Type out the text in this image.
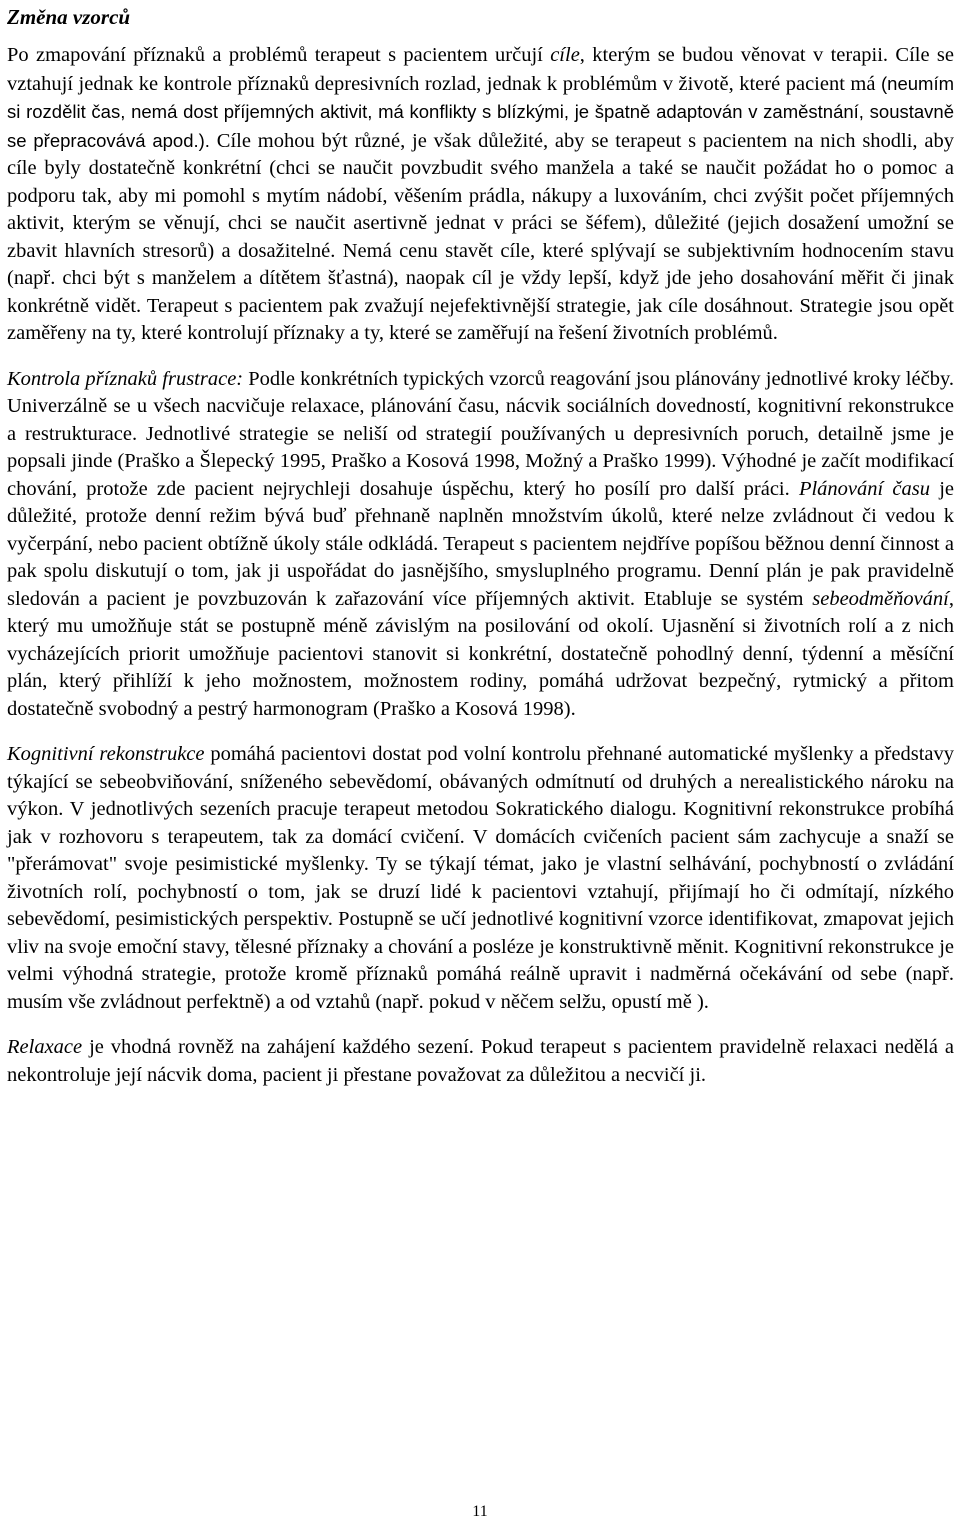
Změna vzorců

Po zmapování příznaků a problémů terapeut s pacientem určují cíle, kterým se budou věnovat v terapii. Cíle se vztahují jednak ke kontrole příznaků depresivních rozlad, jednak k problémům v životě, které pacient má (neumím si rozdělit čas, nemá dost příjemných aktivit, má konflikty s blízkými, je špatně adaptován v zaměstnání, soustavně se přepracovává apod.). Cíle mohou být různé, je však důležité, aby se terapeut s pacientem na nich shodli, aby cíle byly dostatečně konkrétní (chci se naučit povzbudit svého manžela a také se naučit požádat ho o pomoc a podporu tak, aby mi pomohl s mytím nádobí, věšením prádla, nákupy a luxováním, chci zvýšit počet příjemných aktivit, kterým se věnují, chci se naučit asertivně jednat v práci se šéfem), důležité (jejich dosažení umožní se zbavit hlavních stresorů) a dosažitelné. Nemá cenu stavět cíle, které splývají se subjektivním hodnocením stavu (např. chci být s manželem a dítětem šťastná), naopak cíl je vždy lepší, když jde jeho dosahování měřit či jinak konkrétně vidět. Terapeut s pacientem pak zvažují nejefektivnější strategie, jak cíle dosáhnout. Strategie jsou opět zaměřeny na ty, které kontrolují příznaky a ty, které se zaměřují na řešení životních problémů.

Kontrola příznaků frustrace: Podle konkrétních typických vzorců reagování jsou plánovány jednotlivé kroky léčby. Univerzálně se u všech nacvičuje relaxace, plánování času, nácvik sociálních dovedností, kognitivní rekonstrukce a restrukturace. Jednotlivé strategie se neliší od strategií používaných u depresivních poruch, detailně jsme je popsali jinde (Praško a Šlepecký 1995, Praško a Kosová 1998, Možný a Praško 1999). Výhodné je začít modifikací chování, protože zde pacient nejrychleji dosahuje úspěchu, který ho posílí pro další práci. Plánování času je důležité, protože denní režim bývá buď přehnaně naplněn množstvím úkolů, které nelze zvládnout či vedou k vyčerpání, nebo pacient obtížně úkoly stále odkládá. Terapeut s pacientem nejdříve popíšou běžnou denní činnost a pak spolu diskutují o tom, jak ji uspořádat do jasnějšího, smysluplného programu. Denní plán je pak pravidelně sledován a pacient je povzbuzován k zařazování více příjemných aktivit. Etabluje se systém sebeodměňování, který mu umožňuje stát se postupně méně závislým na posilování od okolí. Ujasnění si životních rolí a z nich vycházejících priorit umožňuje pacientovi stanovit si konkrétní, dostatečně pohodlný denní, týdenní a měsíční plán, který přihlíží k jeho možnostem, možnostem rodiny, pomáhá udržovat bezpečný, rytmický a přitom dostatečně svobodný a pestrý harmonogram (Praško a Kosová 1998).

Kognitivní rekonstrukce pomáhá pacientovi dostat pod volní kontrolu přehnané automatické myšlenky a představy týkající se sebeobviňování, sníženého sebevědomí, obávaných odmítnutí od druhých a nerealistického nároku na výkon. V jednotlivých sezeních pracuje terapeut metodou Sokratického dialogu. Kognitivní rekonstrukce probíhá jak v rozhovoru s terapeutem, tak za domácí cvičení. V domácích cvičeních pacient sám zachycuje a snaží se "přerámovat" svoje pesimistické myšlenky. Ty se týkají témat, jako je vlastní selhávání, pochybností o zvládání životních rolí, pochybností o tom, jak se druzí lidé k pacientovi vztahují, přijímají ho či odmítají, nízkého sebevědomí, pesimistických perspektiv. Postupně se učí jednotlivé kognitivní vzorce identifikovat, zmapovat jejich vliv na svoje emoční stavy, tělesné příznaky a chování a posléze je konstruktivně měnit. Kognitivní rekonstrukce je velmi výhodná strategie, protože kromě příznaků pomáhá reálně upravit i nadměrná očekávání od sebe (např. musím vše zvládnout perfektně) a od vztahů (např. pokud v něčem selžu, opustí mě ).

Relaxace je vhodná rovněž na zahájení každého sezení. Pokud terapeut s pacientem pravidelně relaxaci nedělá a nekontroluje její nácvik doma, pacient ji přestane považovat za důležitou a necvičí ji.

11
